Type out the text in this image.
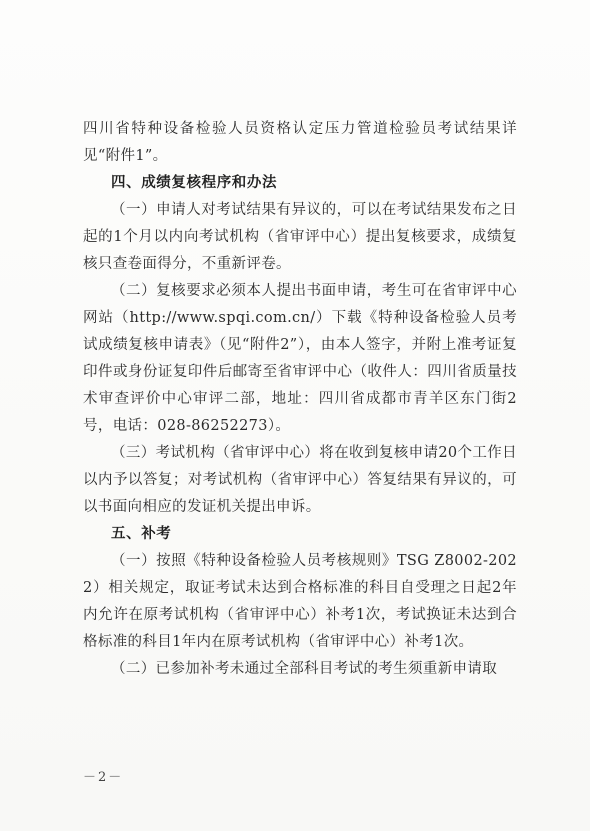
四川省特种设备检验人员资格认定压力管道检验员考试结果详见“附件1”。

四、成绩复核程序和办法

（一）申请人对考试结果有异议的，可以在考试结果发布之日起的1个月以内向考试机构（省审评中心）提出复核要求，成绩复核只查卷面得分，不重新评卷。

（二）复核要求必须本人提出书面申请，考生可在省审评中心网站（http://www.spqi.com.cn/）下载《特种设备检验人员考试成绩复核申请表》（见“附件2”），由本人签字，并附上准考证复印件或身份证复印件后邮寄至省审评中心（收件人：四川省质量技术审查评价中心审评二部，地址：四川省成都市青羊区东门街2号，电话：028-86252273）。

（三）考试机构（省审评中心）将在收到复核申请20个工作日以内予以答复；对考试机构（省审评中心）答复结果有异议的，可以书面向相应的发证机关提出申诉。

五、补考

（一）按照《特种设备检验人员考核规则》TSG Z8002-2022）相关规定，取证考试未达到合格标准的科目自受理之日起2年内允许在原考试机构（省审评中心）补考1次，考试换证未达到合格标准的科目1年内在原考试机构（省审评中心）补考1次。

（二）已参加补考未通过全部科目考试的考生须重新申请取

－2－
